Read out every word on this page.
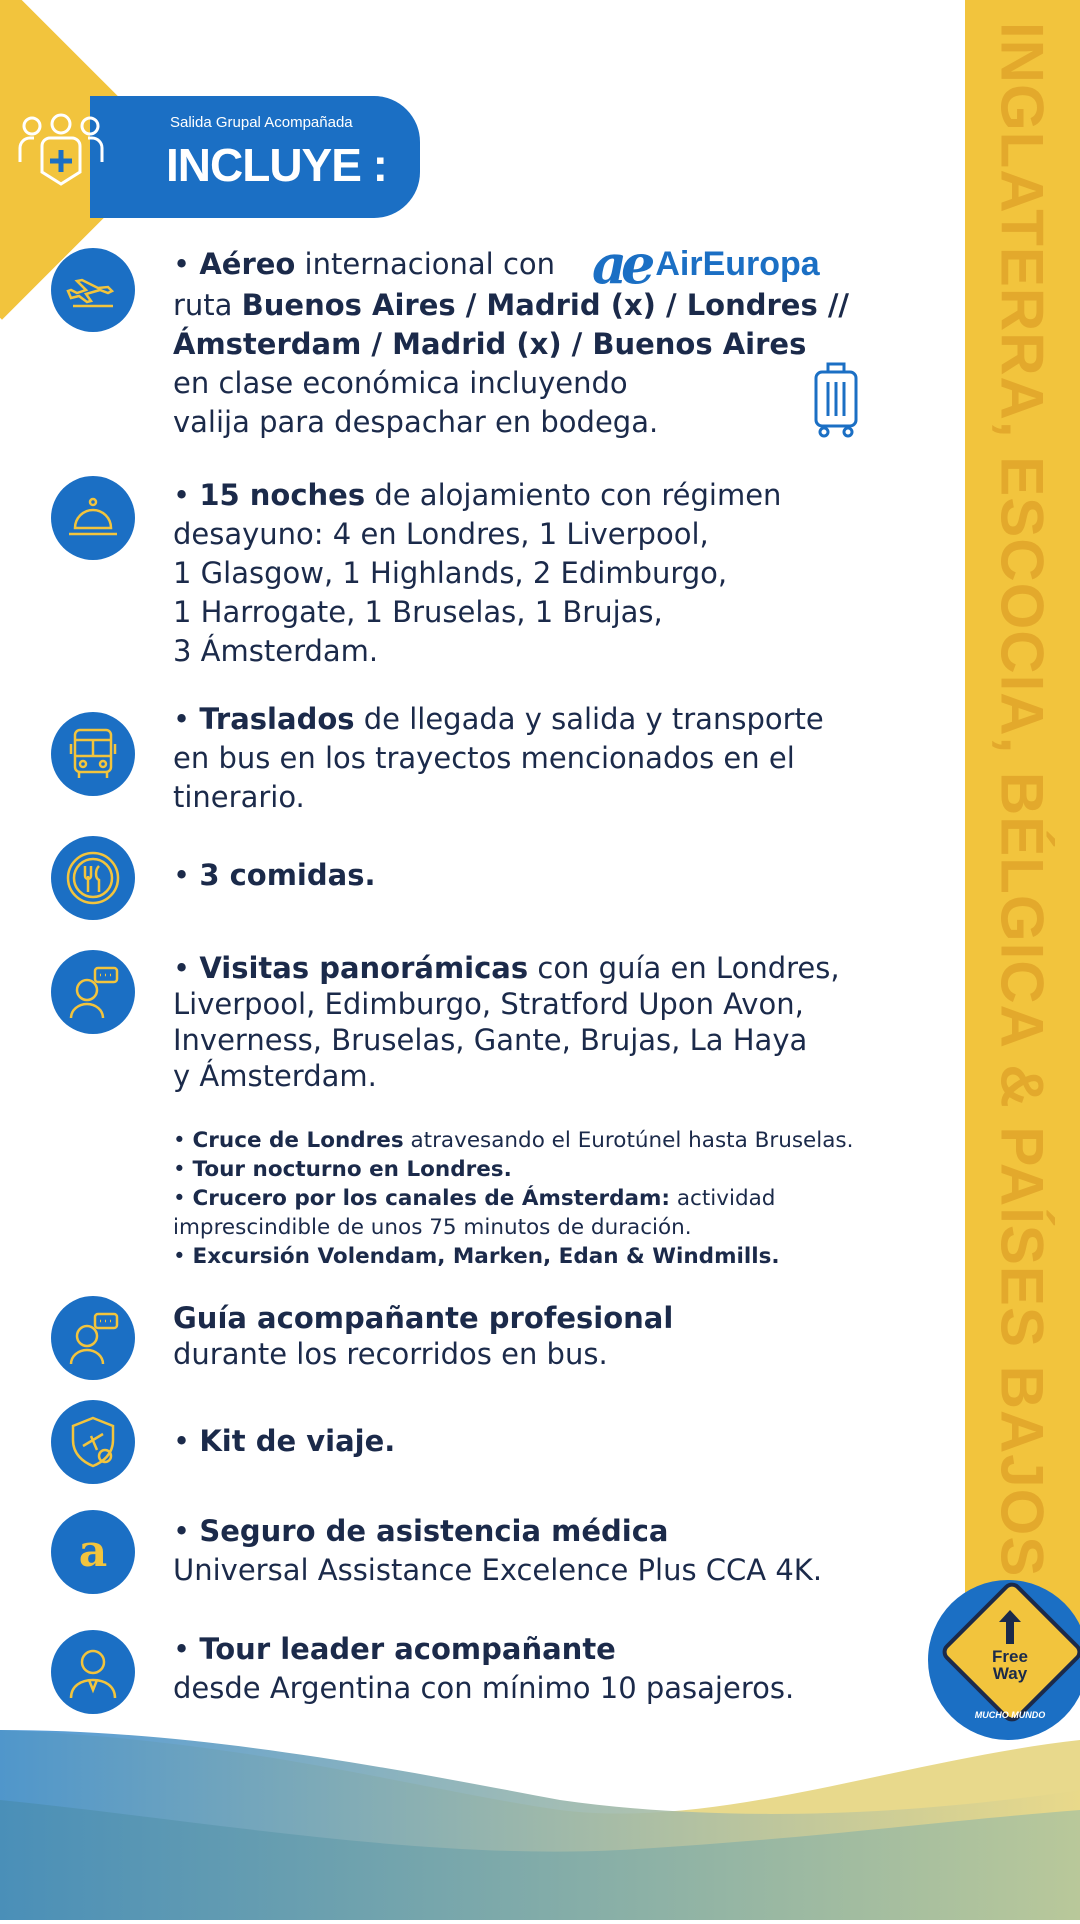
INGLATERRA, ESCOCIA, BÉLGICA & PAÍSES BAJOS
Salida Grupal Acompañada
INCLUYE :
• Aéreo internacional con
ruta Buenos Aires / Madrid (x) / Londres //
Ámsterdam / Madrid (x) / Buenos Aires
en clase económica incluyendo
valija para despachar en bodega.
ae AirEuropa
• 15 noches de alojamiento con régimen
desayuno: 4 en Londres, 1 Liverpool,
1 Glasgow, 1 Highlands, 2 Edimburgo,
1 Harrogate, 1 Bruselas, 1 Brujas,
3 Ámsterdam.
• Traslados de llegada y salida y transporte
en bus en los trayectos mencionados en el
tinerario.
• 3 comidas.
• Visitas panorámicas con guía en Londres,
Liverpool, Edimburgo, Stratford Upon Avon,
Inverness, Bruselas, Gante, Brujas, La Haya
y Ámsterdam.
• Cruce de Londres atravesando el Eurotúnel hasta Bruselas.
• Tour nocturno en Londres.
• Crucero por los canales de Ámsterdam: actividad
imprescindible de unos 75 minutos de duración.
• Excursión Volendam, Marken, Edan & Windmills.
Guía acompañante profesional
durante los recorridos en bus.
• Kit de viaje.
a • Seguro de asistencia médica
Universal Assistance Excelence Plus CCA 4K.
• Tour leader acompañante
desde Argentina con mínimo 10 pasajeros.
Free
Way
MUCHO MUNDO
